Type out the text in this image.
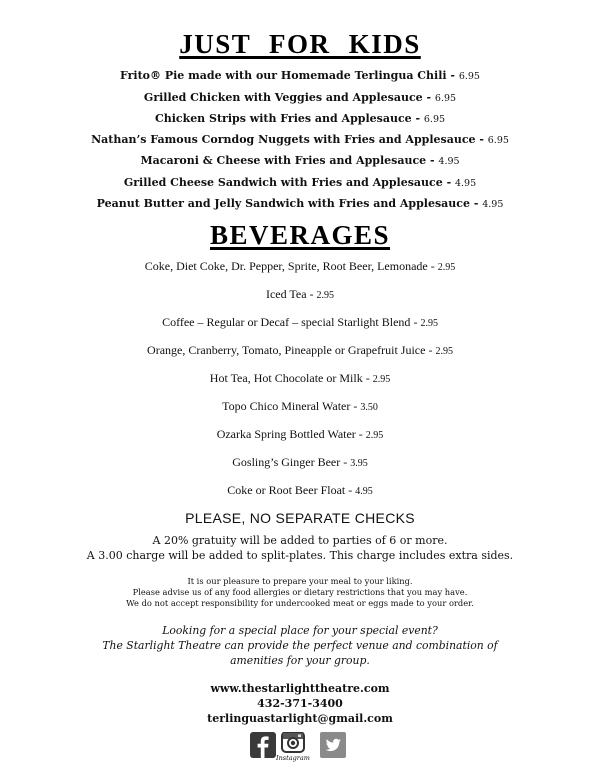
JUST FOR KIDS
Frito® Pie made with our Homemade Terlingua Chili - 6.95
Grilled Chicken with Veggies and Applesauce - 6.95
Chicken Strips with Fries and Applesauce - 6.95
Nathan’s Famous Corndog Nuggets with Fries and Applesauce - 6.95
Macaroni & Cheese with Fries and Applesauce - 4.95
Grilled Cheese Sandwich with Fries and Applesauce - 4.95
Peanut Butter and Jelly Sandwich with Fries and Applesauce - 4.95
BEVERAGES
Coke, Diet Coke, Dr. Pepper, Sprite, Root Beer, Lemonade - 2.95
Iced Tea - 2.95
Coffee – Regular or Decaf – special Starlight Blend - 2.95
Orange, Cranberry, Tomato, Pineapple or Grapefruit Juice - 2.95
Hot Tea, Hot Chocolate or Milk - 2.95
Topo Chico Mineral Water - 3.50
Ozarka Spring Bottled Water - 2.95
Gosling’s Ginger Beer - 3.95
Coke or Root Beer Float - 4.95
PLEASE, NO SEPARATE CHECKS
A 20% gratuity will be added to parties of 6 or more.
A 3.00 charge will be added to split-plates. This charge includes extra sides.
It is our pleasure to prepare your meal to your liking.
Please advise us of any food allergies or dietary restrictions that you may have.
We do not accept responsibility for undercooked meat or eggs made to your order.
Looking for a special place for your special event?
The Starlight Theatre can provide the perfect venue and combination of
amenities for your group.
www.thestarlighttheatre.com
432-371-3400
terlinguastarlight@gmail.com
Instagram
